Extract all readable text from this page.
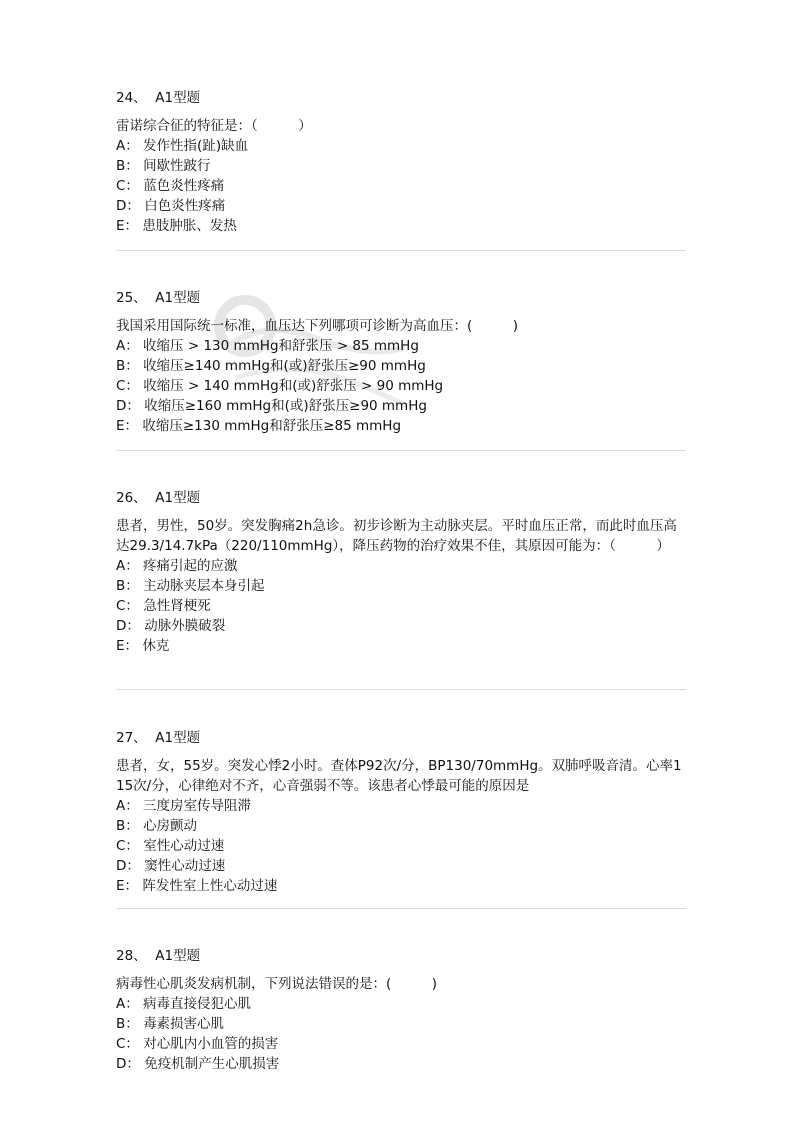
24、 A1型题
雷诺综合征的特征是：（　　　）
A： 发作性指(趾)缺血
B： 间歇性跛行
C： 蓝色炎性疼痛
D： 白色炎性疼痛
E： 患肢肿胀、发热
25、 A1型题
我国采用国际统一标准，血压达下列哪项可诊断为高血压：(　　　)
A： 收缩压 > 130 mmHg和舒张压 > 85 mmHg
B： 收缩压≥140 mmHg和(或)舒张压≥90 mmHg
C： 收缩压 > 140 mmHg和(或)舒张压 > 90 mmHg
D： 收缩压≥160 mmHg和(或)舒张压≥90 mmHg
E： 收缩压≥130 mmHg和舒张压≥85 mmHg
26、 A1型题
患者，男性，50岁。突发胸痛2h急诊。初步诊断为主动脉夹层。平时血压正常，而此时血压高达29.3/14.7kPa（220/110mmHg），降压药物的治疗效果不佳，其原因可能为：（　　　）
A： 疼痛引起的应激
B： 主动脉夹层本身引起
C： 急性肾梗死
D： 动脉外膜破裂
E： 休克
27、 A1型题
患者，女，55岁。突发心悸2小时。查体P92次/分，BP130/70mmHg。双肺呼吸音清。心率115次/分，心律绝对不齐，心音强弱不等。该患者心悸最可能的原因是
A： 三度房室传导阻滞
B： 心房颤动
C： 室性心动过速
D： 窦性心动过速
E： 阵发性室上性心动过速
28、 A1型题
病毒性心肌炎发病机制，下列说法错误的是：(　　　)
A： 病毒直接侵犯心肌
B： 毒素损害心肌
C： 对心肌内小血管的损害
D： 免疫机制产生心肌损害
